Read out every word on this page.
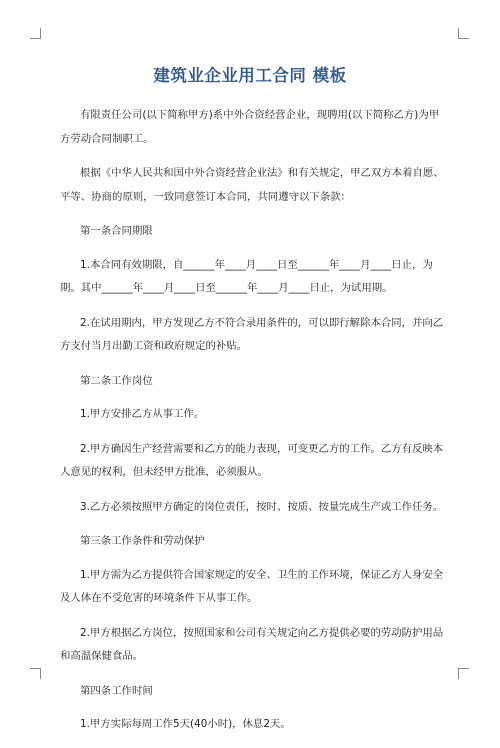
建筑业企业用工合同 模板

有限责任公司(以下简称甲方)系中外合资经营企业，现聘用(以下简称乙方)为甲方劳动合同制职工。

根据《中华人民共和国中外合资经营企业法》和有关规定，甲乙双方本着自愿、平等、协商的原则，一致同意签订本合同，共同遵守以下条款：

第一条合同期限

1.本合同有效期限，自______年____月____日至______年____月____日止，为期。其中______年____月____日至______年____月____日止，为试用期。

2.在试用期内，甲方发现乙方不符合录用条件的，可以即行解除本合同，并向乙方支付当月出勤工资和政府规定的补贴。

第二条工作岗位

1.甲方安排乙方从事工作。

2.甲方确因生产经营需要和乙方的能力表现，可变更乙方的工作。乙方有反映本人意见的权利，但未经甲方批准，必须服从。

3.乙方必须按照甲方确定的岗位责任，按时、按质、按量完成生产或工作任务。

第三条工作条件和劳动保护

1.甲方需为乙方提供符合国家规定的安全、卫生的工作环境，保证乙方人身安全及人体在不受危害的环境条件下从事工作。

2.甲方根据乙方岗位，按照国家和公司有关规定向乙方提供必要的劳动防护用品和高温保健食品。

第四条工作时间

1.甲方实际每周工作5天(40小时)，休息2天。
